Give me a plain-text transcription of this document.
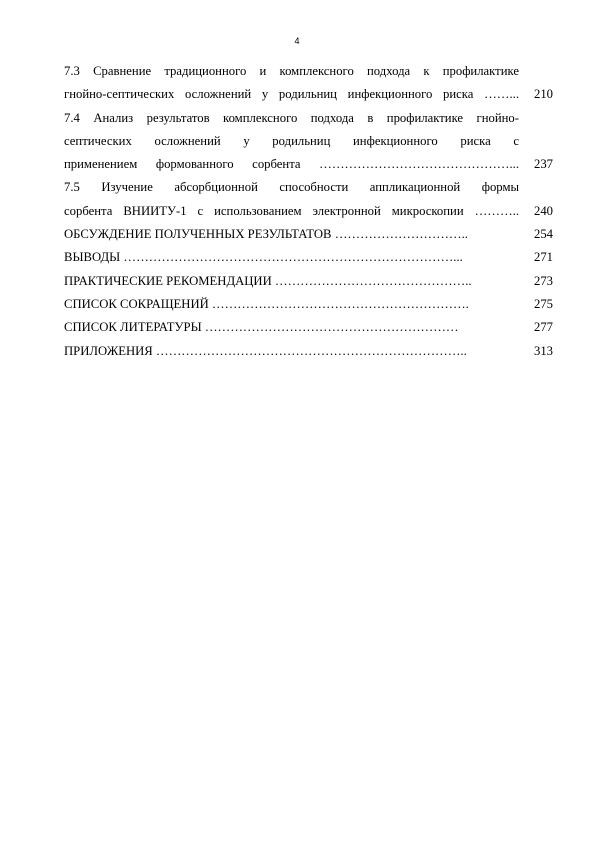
4
7.3 Сравнение традиционного и комплексного подхода к профилактике
гнойно-септических осложнений у родильниц инфекционного риска ……...	210
7.4 Анализ результатов комплексного подхода в профилактике гнойно-
септических осложнений у родильниц инфекционного риска с
применением формованного сорбента ………………………………………...	237
7.5 Изучение абсорбционной способности аппликационной формы
сорбента ВНИИТУ-1 с использованием электронной микроскопии ………..	240
ОБСУЖДЕНИЕ ПОЛУЧЕННЫХ РЕЗУЛЬТАТОВ …………………………..	254
ВЫВОДЫ ……………………………………………………………………...	271
ПРАКТИЧЕСКИЕ РЕКОМЕНДАЦИИ ………………………………………..	273
СПИСОК СОКРАЩЕНИЙ …………………………………………………….	275
СПИСОК ЛИТЕРАТУРЫ ……………………………………………………	277
ПРИЛОЖЕНИЯ ………………………………………………………………..	313
